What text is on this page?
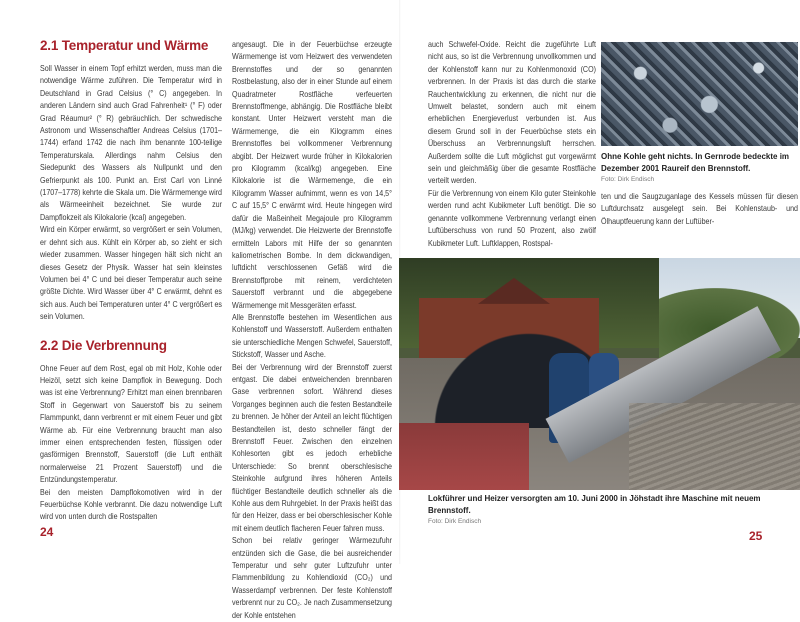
2.1 Temperatur und Wärme

Soll Wasser in einem Topf erhitzt werden, muss man die notwendige Wärme zuführen. Die Temperatur wird in Deutschland in Grad Celsius (° C) angegeben. In anderen Ländern sind auch Grad Fahrenheit¹ (° F) oder Grad Réaumur² (° R) gebräuchlich. Der schwedische Astronom und Wissenschaftler Andreas Celsius (1701–1744) erfand 1742 die nach ihm benannte 100-teilige Temperaturskala. Allerdings nahm Celsius den Siedepunkt des Wassers als Nullpunkt und den Gefrierpunkt als 100. Punkt an. Erst Carl von Linné (1707–1778) kehrte die Skala um. Die Wärmemenge wird als Wärmeeinheit bezeichnet. Sie wurde zur Dampflokzeit als Kilokalorie (kcal) angegeben.

Wird ein Körper erwärmt, so vergrößert er sein Volumen, er dehnt sich aus. Kühlt ein Körper ab, so zieht er sich wieder zusammen. Wasser hingegen hält sich nicht an dieses Gesetz der Physik. Wasser hat sein kleinstes Volumen bei 4° C und bei dieser Temperatur auch seine größte Dichte. Wird Wasser über 4° C erwärmt, dehnt es sich aus. Auch bei Temperaturen unter 4° C vergrößert es sein Volumen.

2.2 Die Verbrennung

Ohne Feuer auf dem Rost, egal ob mit Holz, Kohle oder Heizöl, setzt sich keine Dampflok in Bewegung. Doch was ist eine Verbrennung? Erhitzt man einen brennbaren Stoff in Gegenwart von Sauerstoff bis zu seinem Flammpunkt, dann verbrennt er mit einem Feuer und gibt Wärme ab. Für eine Verbrennung braucht man also immer einen entsprechenden festen, flüssigen oder gasförmigen Brennstoff, Sauerstoff (die Luft enthält normalerweise 21 Prozent Sauerstoff) und die Entzündungstemperatur.

Bei den meisten Dampflokomotiven wird in der Feuerbüchse Kohle verbrannt. Die dazu notwendige Luft wird von unten durch die Rostspalten

angesaugt. Die in der Feuerbüchse erzeugte Wärmemenge ist vom Heizwert des verwendeten Brennstoffes und der so genannten Rostbelastung, also der in einer Stunde auf einem Quadratmeter Rostfläche verfeuerten Brennstoffmenge, abhängig. Die Rostfläche bleibt konstant. Unter Heizwert versteht man die Wärmemenge, die ein Kilogramm eines Brennstoffes bei vollkommener Verbrennung abgibt. Der Heizwert wurde früher in Kilokalorien pro Kilogramm (kcal/kg) angegeben. Eine Kilokalorie ist die Wärmemenge, die ein Kilogramm Wasser aufnimmt, wenn es von 14,5° C auf 15,5° C erwärmt wird. Heute hingegen wird dafür die Maßeinheit Megajoule pro Kilogramm (MJ/kg) verwendet. Die Heizwerte der Brennstoffe ermitteln Labors mit Hilfe der so genannten kaliometrischen Bombe. In dem dickwandigen, luftdicht verschlossenen Gefäß wird die Brennstoffprobe mit reinem, verdichteten Sauerstoff verbrannt und die abgegebene Wärmemenge mit Messgeräten erfasst.

Alle Brennstoffe bestehen im Wesentlichen aus Kohlenstoff und Wasserstoff. Außerdem enthalten sie unterschiedliche Mengen Schwefel, Sauerstoff, Stickstoff, Wasser und Asche.

Bei der Verbrennung wird der Brennstoff zuerst entgast. Die dabei entweichenden brennbaren Gase verbrennen sofort. Während dieses Vorganges beginnen auch die festen Bestandteile zu brennen. Je höher der Anteil an leicht flüchtigen Bestandteilen ist, desto schneller fängt der Brennstoff Feuer. Zwischen den einzelnen Kohlesorten gibt es jedoch erhebliche Unterschiede: So brennt oberschlesische Steinkohle aufgrund ihres höheren Anteils flüchtiger Bestandteile deutlich schneller als die Kohle aus dem Ruhrgebiet. In der Praxis heißt das für den Heizer, dass er bei oberschlesischer Kohle mit einem deutlich flacheren Feuer fahren muss.

Schon bei relativ geringer Wärmezufuhr entzünden sich die Gase, die bei ausreichender Temperatur und sehr guter Luftzufuhr unter Flammenbildung zu Kohlendioxid (CO₂) und Wasserdampf verbrennen. Der feste Kohlenstoff verbrennt nur zu CO₂. Je nach Zusammensetzung der Kohle entstehen

24

auch Schwefel-Oxide. Reicht die zugeführte Luft nicht aus, so ist die Verbrennung unvollkommen und der Kohlenstoff kann nur zu Kohlenmonoxid (CO) verbrennen. In der Praxis ist das durch die starke Rauchentwicklung zu erkennen, die nicht nur die Umwelt belastet, sondern auch mit einem erheblichen Energieverlust verbunden ist. Aus diesem Grund soll in der Feuerbüchse stets ein Überschuss an Verbrennungsluft herrschen. Außerdem sollte die Luft möglichst gut vorgewärmt sein und gleichmäßig über die gesamte Rostfläche verteilt werden.

Für die Verbrennung von einem Kilo guter Steinkohle werden rund acht Kubikmeter Luft benötigt. Die so genannte vollkommene Verbrennung verlangt einen Luftüberschuss von rund 50 Prozent, also zwölf Kubikmeter Luft. Luftklappen, Rostspal-

Ohne Kohle geht nichts. In Gernrode bedeckte im Dezember 2001 Raureif den Brennstoff.
Foto: Dirk Endisch

ten und die Saugzuganlage des Kessels müssen für diesen Luftdurchsatz ausgelegt sein. Bei Kohlenstaub- und Ölhauptfeuerung kann der Luftüber-

Lokführer und Heizer versorgten am 10. Juni 2000 in Jöhstadt ihre Maschine mit neuem Brennstoff.
Foto: Dirk Endisch
25
